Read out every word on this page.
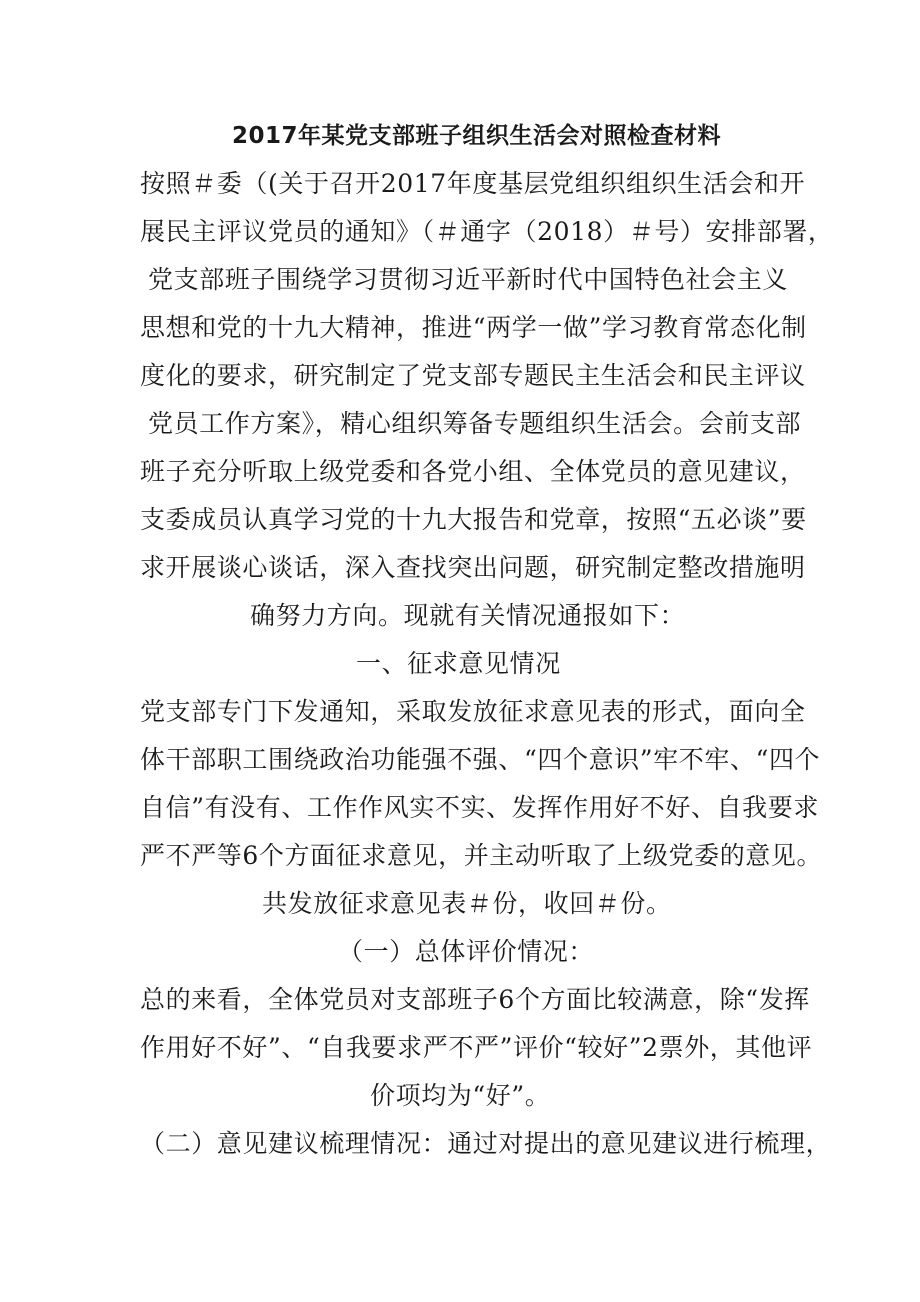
2017年某党支部班子组织生活会对照检查材料
按照＃委（(关于召开2017年度基层党组织组织生活会和开
展民主评议党员的通知》（＃通字（2018）＃号）安排部署，
党支部班子围绕学习贯彻习近平新时代中国特色社会主义
思想和党的十九大精神，推进“两学一做”学习教育常态化制
度化的要求，研究制定了党支部专题民主生活会和民主评议
党员工作方案》，精心组织筹备专题组织生活会。会前支部
班子充分听取上级党委和各党小组、全体党员的意见建议，
支委成员认真学习党的十九大报告和党章，按照“五必谈”要
求开展谈心谈话，深入查找突出问题，研究制定整改措施明
确努力方向。现就有关情况通报如下：
一、征求意见情况
党支部专门下发通知，采取发放征求意见表的形式，面向全
体干部职工围绕政治功能强不强、“四个意识”牢不牢、“四个
自信”有没有、工作作风实不实、发挥作用好不好、自我要求
严不严等6个方面征求意见，并主动听取了上级党委的意见。
共发放征求意见表＃份，收回＃份。
（一）总体评价情况：
总的来看，全体党员对支部班子6个方面比较满意，除“发挥
作用好不好”、“自我要求严不严”评价“较好”2票外，其他评
价项均为“好”。
（二）意见建议梳理情况：通过对提出的意见建议进行梳理，
